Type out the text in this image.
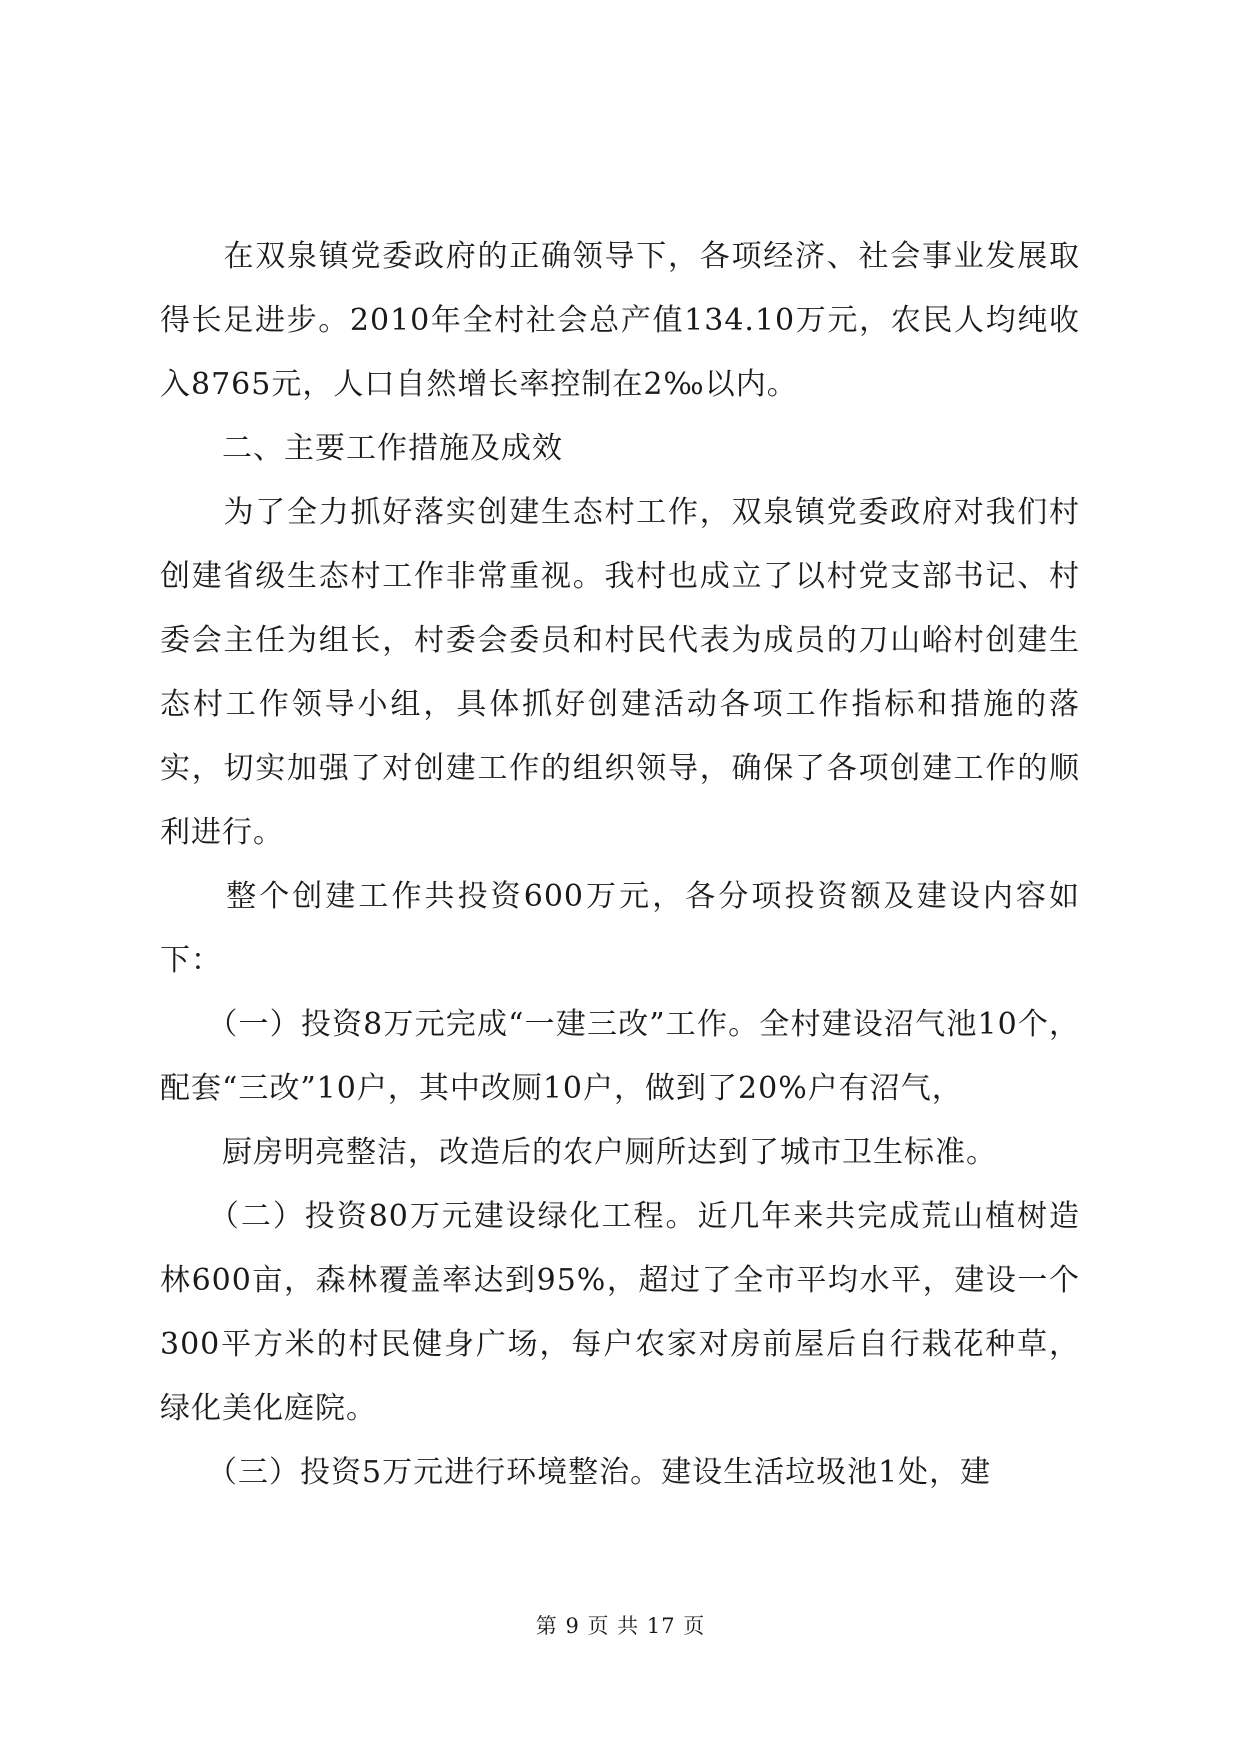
　　在双泉镇党委政府的正确领导下，各项经济、社会事业发展取得长足进步。2010年全村社会总产值134.10万元，农民人均纯收入8765元，人口自然增长率控制在2‰以内。

　　二、主要工作措施及成效

　　为了全力抓好落实创建生态村工作，双泉镇党委政府对我们村创建省级生态村工作非常重视。我村也成立了以村党支部书记、村委会主任为组长，村委会委员和村民代表为成员的刀山峪村创建生态村工作领导小组，具体抓好创建活动各项工作指标和措施的落实，切实加强了对创建工作的组织领导，确保了各项创建工作的顺利进行。

　　整个创建工作共投资600万元，各分项投资额及建设内容如下：

　　（一）投资8万元完成“一建三改”工作。全村建设沼气池10个，配套“三改”10户，其中改厕10户，做到了20%户有沼气，

　　厨房明亮整洁，改造后的农户厕所达到了城市卫生标准。

　　（二）投资80万元建设绿化工程。近几年来共完成荒山植树造林600亩，森林覆盖率达到95%，超过了全市平均水平，建设一个300平方米的村民健身广场，每户农家对房前屋后自行栽花种草，绿化美化庭院。

　　（三）投资5万元进行环境整治。建设生活垃圾池1处，建

第 9 页 共 17 页
